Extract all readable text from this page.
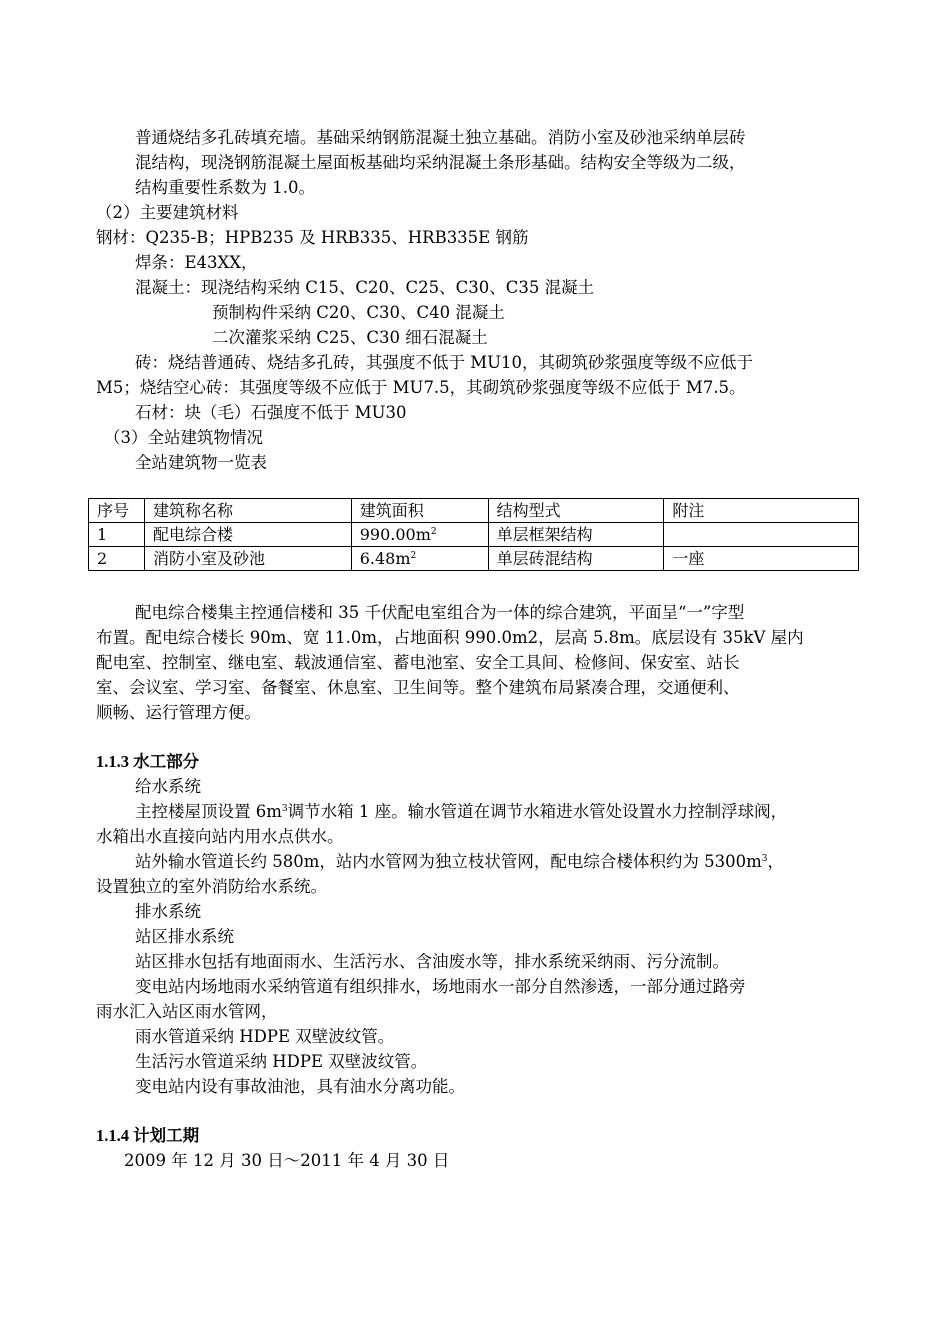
普通烧结多孔砖填充墙。基础采纳钢筋混凝土独立基础。消防小室及砂池采纳单层砖
混结构，现浇钢筋混凝土屋面板基础均采纳混凝土条形基础。结构安全等级为二级，
结构重要性系数为 1.0。
（2）主要建筑材料
钢材：Q235-B；HPB235 及 HRB335、HRB335E 钢筋
焊条：E43XX，
混凝土：现浇结构采纳 C15、C20、C25、C30、C35 混凝土
预制构件采纳 C20、C30、C40 混凝土
二次灌浆采纳 C25、C30 细石混凝土
砖：烧结普通砖、烧结多孔砖，其强度不低于 MU10，其砌筑砂浆强度等级不应低于
M5；烧结空心砖：其强度等级不应低于 MU7.5，其砌筑砂浆强度等级不应低于 M7.5。
石材：块（毛）石强度不低于 MU30
（3）全站建筑物情况
全站建筑物一览表
序号	建筑称名称	建筑面积	结构型式	附注
1	配电综合楼	$990.00m^2$	单层框架结构	
2	消防小室及砂池	$6.48m^2$	单层砖混结构	一座
配电综合楼集主控通信楼和 35 千伏配电室组合为一体的综合建筑，平面呈“一”字型
布置。配电综合楼长 90m、宽 11.0m，占地面积 990.0m2，层高 5.8m。底层设有 35kV 屋内
配电室、控制室、继电室、载波通信室、蓄电池室、安全工具间、检修间、保安室、站长
室、会议室、学习室、备餐室、休息室、卫生间等。整个建筑布局紧凑合理，交通便利、
顺畅、运行管理方便。
1.1.3 水工部分
给水系统
主控楼屋顶设置 $6m^3$调节水箱 1 座。输水管道在调节水箱进水管处设置水力控制浮球阀，
水箱出水直接向站内用水点供水。
站外输水管道长约 580m，站内水管网为独立枝状管网，配电综合楼体积约为 $5300m^3$，
设置独立的室外消防给水系统。
排水系统
站区排水系统
站区排水包括有地面雨水、生活污水、含油废水等，排水系统采纳雨、污分流制。
变电站内场地雨水采纳管道有组织排水，场地雨水一部分自然渗透，一部分通过路旁
雨水汇入站区雨水管网，
雨水管道采纳 HDPE 双壁波纹管。
生活污水管道采纳 HDPE 双壁波纹管。
变电站内设有事故油池，具有油水分离功能。
1.1.4 计划工期
2009 年 12 月 30 日～2011 年 4 月 30 日
